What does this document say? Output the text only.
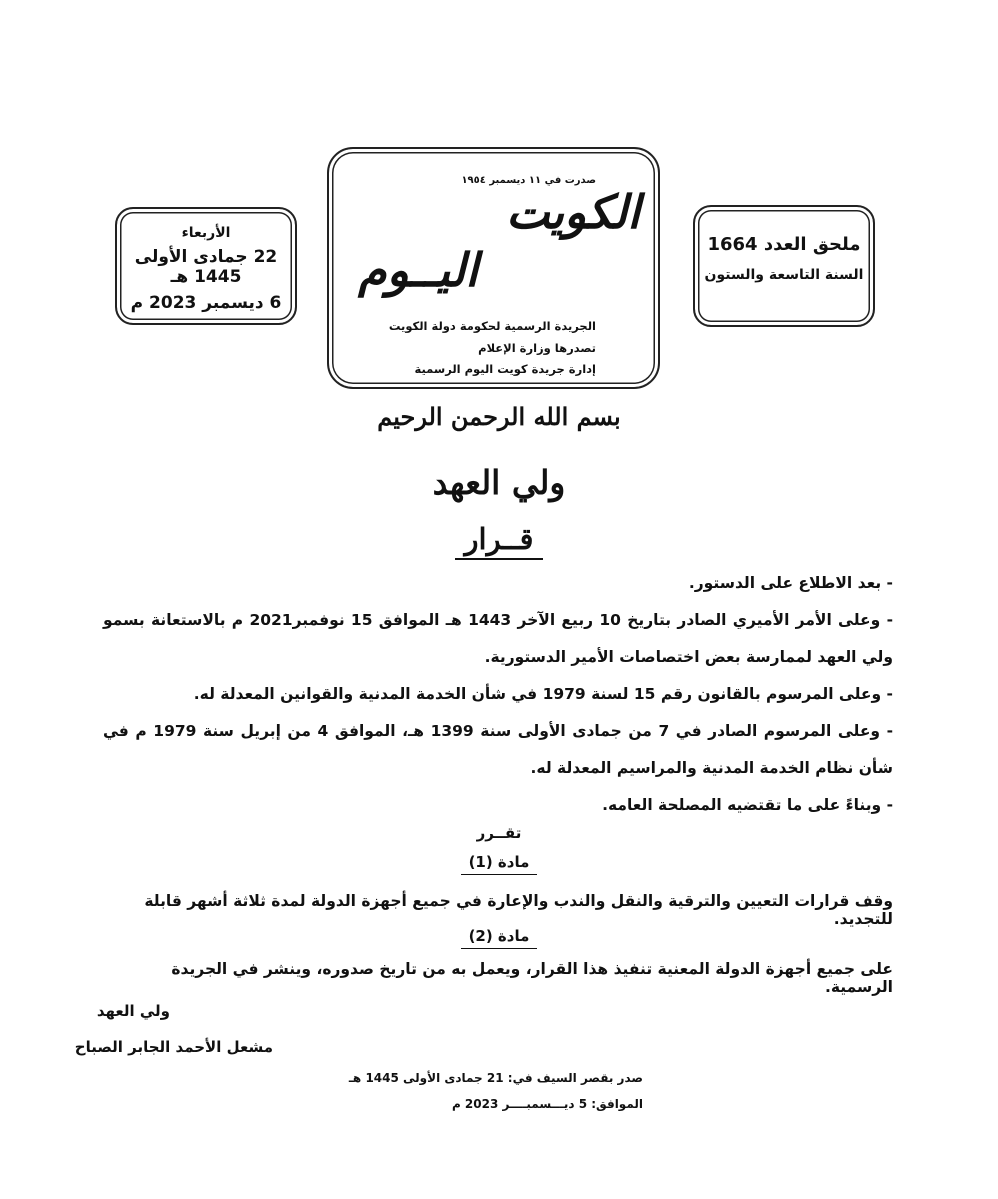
الأربعاء
22 جمادى الأولى 1445 هـ
6 ديسمبر 2023 م
صدرت في ١١ ديسمبر ١٩٥٤
الكويت
اليــوم
الجريدة الرسمية لحكومة دولة الكويت
تصدرها وزارة الإعلام
إدارة جريدة كويت اليوم الرسمية
ملحق العدد 1664
السنة التاسعة والستون
بسم الله الرحمن الرحيم
ولي العهد
قــرار
- بعد الاطلاع على الدستور.
- وعلى الأمر الأميري الصادر بتاريخ 10 ربيع الآخر 1443 هـ الموافق 15 نوفمبر2021 م بالاستعانة بسمو ولي العهد لممارسة بعض اختصاصات الأمير الدستورية.
- وعلى المرسوم بالقانون رقم 15 لسنة 1979 في شأن الخدمة المدنية والقوانين المعدلة له.
- وعلى المرسوم الصادر في 7 من جمادى الأولى سنة 1399 هـ، الموافق 4 من إبريل سنة 1979 م في شأن نظام الخدمة المدنية والمراسيم المعدلة له.
- وبناءً على ما تقتضيه المصلحة العامه.
تقــرر
مادة (1)
وقف قرارات التعيين والترقية والنقل والندب والإعارة في جميع أجهزة الدولة لمدة ثلاثة أشهر قابلة للتجديد.
مادة (2)
على جميع أجهزة الدولة المعنية تنفيذ هذا القرار، ويعمل به من تاريخ صدوره، وينشر في الجريدة الرسمية.
ولي العهد
مشعل الأحمد الجابر الصباح
صدر بقصر السيف في: 21 جمادى الأولى 1445 هـ
الموافق: 5 ديـــسمبــــر 2023 م
